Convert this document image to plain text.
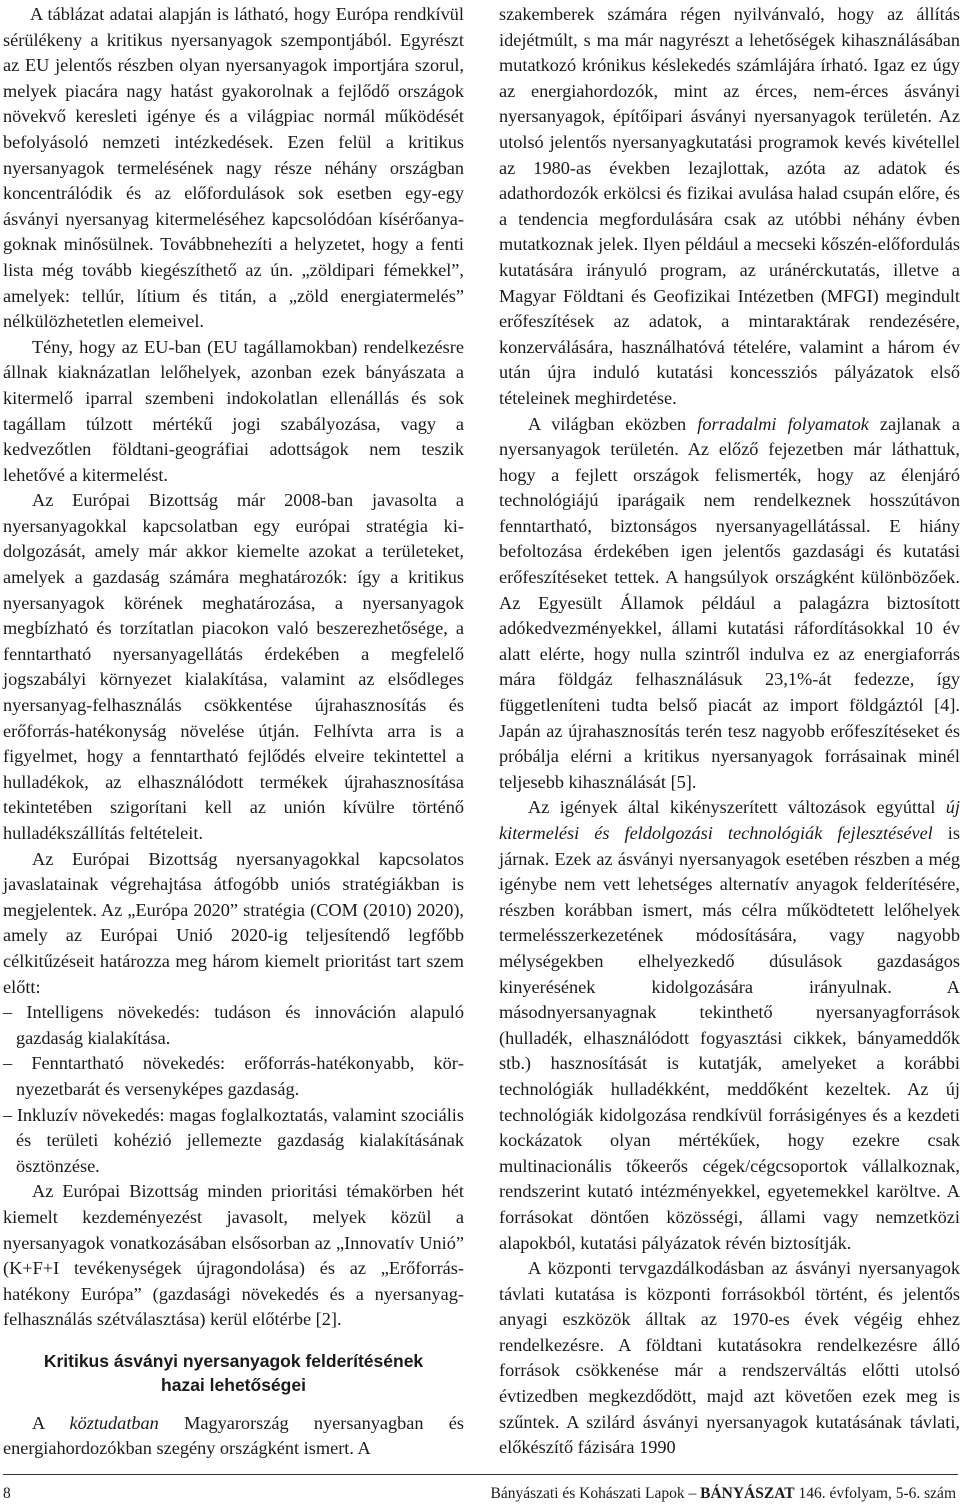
A táblázat adatai alapján is látható, hogy Európa rendkívül sérülékeny a kritikus nyersanyagok szempontjából. Egyrészt az EU jelentős részben olyan nyersanyagok importjára szorul, melyek piacára nagy hatást gyakorolnak a fejlődő országok növekvő keresleti igénye és a világpiac normál működését befolyásoló nemzeti intézkedések. Ezen felül a kritikus nyersanyagok termelésének nagy része néhány országban koncentrálódik és az előfordulások sok esetben egy-egy ásványi nyersanyag kitermeléséhez kapcsolódóan kísérőanyagoknak minősülnek. Továbbnehezíti a helyzetet, hogy a fenti lista még tovább kiegészíthető az ún. „zöldipari fémekkel”, amelyek: tellúr, lítium és titán, a „zöld energiatermelés” nélkülözhetetlen elemeivel.

Tény, hogy az EU-ban (EU tagállamokban) rendelkezésre állnak kiaknázatlan lelőhelyek, azonban ezek bányászata a kitermelő iparral szembeni indokolatlan ellenállás és sok tagállam túlzott mértékű jogi szabályozása, vagy a kedvezőtlen földtani-geográfiai adottságok nem teszik lehetővé a kitermelést.

Az Európai Bizottság már 2008-ban javasolta a nyersanyagokkal kapcsolatban egy európai stratégia kidolgozását, amely már akkor kiemelte azokat a területeket, amelyek a gazdaság számára meghatározók: így a kritikus nyersanyagok körének meghatározása, a nyersanyagok megbízható és torzítatlan piacokon való beszerezhetősége, a fenntartható nyersanyagellátás érdekében a megfelelő jogszabályi környezet kialakítása, valamint az elsődleges nyersanyag-felhasználás csökkentése újrahasznosítás és erőforrás-hatékonyság növelése útján. Felhívta arra is a figyelmet, hogy a fenntartható fejlődés elveire tekintettel a hulladékok, az elhasználódott termékek újrahasznosítása tekintetében szigorítani kell az unión kívülre történő hulladékszállítás feltételeit.

Az Európai Bizottság nyersanyagokkal kapcsolatos javaslatainak végrehajtása átfogóbb uniós stratégiákban is megjelentek. Az „Európa 2020” stratégia (COM (2010) 2020), amely az Európai Unió 2020-ig teljesítendő legfőbb célkitűzéseit határozza meg három kiemelt prioritást tart szem előtt:

– Intelligens növekedés: tudáson és innováción alapuló gazdaság kialakítása.
– Fenntartható növekedés: erőforrás-hatékonyabb, környezetbarát és versenyképes gazdaság.
– Inkluzív növekedés: magas foglalkoztatás, valamint szociális és területi kohézió jellemezte gazdaság kialakításának ösztönzése.

Az Európai Bizottság minden prioritási témakörben hét kiemelt kezdeményezést javasolt, melyek közül a nyersanyagok vonatkozásában elsősorban az „Innovatív Unió” (K+F+I tevékenységek újragondolása) és az „Erőforrás-hatékony Európa” (gazdasági növekedés és a nyersanyag-felhasználás szétválasztása) kerül előtérbe [2].

Kritikus ásványi nyersanyagok felderítésének
hazai lehetőségei

A köztudatban Magyarország nyersanyagban és energiahordozókban szegény országként ismert. A

szakemberek számára régen nyilvánvaló, hogy az állítás idejétmúlt, s ma már nagyrészt a lehetőségek kihasználásában mutatkozó krónikus késlekedés számlájára írható. Igaz ez úgy az energiahordozók, mint az érces, nem-érces ásványi nyersanyagok, építőipari ásványi nyersanyagok területén. Az utolsó jelentős nyersanyagkutatási programok kevés kivétellel az 1980-as években lezajlottak, azóta az adatok és adathordozók erkölcsi és fizikai avulása halad csupán előre, és a tendencia megfordulására csak az utóbbi néhány évben mutatkoznak jelek. Ilyen például a mecseki kőszén-előfordulás kutatására irányuló program, az uránérckutatás, illetve a Magyar Földtani és Geofizikai Intézetben (MFGI) megindult erőfeszítések az adatok, a mintaraktárak rendezésére, konzerválására, használhatóvá tételére, valamint a három év után újra induló kutatási koncessziós pályázatok első tételeinek meghirdetése.

A világban eközben forradalmi folyamatok zajlanak a nyersanyagok területén. Az előző fejezetben már láthattuk, hogy a fejlett országok felismerték, hogy az élenjáró technológiájú iparágaik nem rendelkeznek hosszútávon fenntartható, biztonságos nyersanyagellátással. E hiány befoltozása érdekében igen jelentős gazdasági és kutatási erőfeszítéseket tettek. A hangsúlyok országként különbözőek. Az Egyesült Államok például a palagázra biztosított adókedvezményekkel, állami kutatási ráfordításokkal 10 év alatt elérte, hogy nulla szintről indulva ez az energiaforrás mára földgáz felhasználásuk 23,1%-át fedezze, így függetleníteni tudta belső piacát az import földgáztól [4]. Japán az újrahasznosítás terén tesz nagyobb erőfeszítéseket és próbálja elérni a kritikus nyersanyagok forrásainak minél teljesebb kihasználását [5].

Az igények által kikényszerített változások egyúttal új kitermelési és feldolgozási technológiák fejlesztésével is járnak. Ezek az ásványi nyersanyagok esetében részben a még igénybe nem vett lehetséges alternatív anyagok felderítésére, részben korábban ismert, más célra működtetett lelőhelyek termelésszerkezetének módosítására, vagy nagyobb mélységekben elhelyezkedő dúsulások gazdaságos kinyerésének kidolgozására irányulnak. A másodnyersanyagnak tekinthető nyersanyagforrások (hulladék, elhasználódott fogyasztási cikkek, bányameddők stb.) hasznosítását is kutatják, amelyeket a korábbi technológiák hulladékként, meddőként kezeltek. Az új technológiák kidolgozása rendkívül forrásigényes és a kezdeti kockázatok olyan mértékűek, hogy ezekre csak multinacionális tőkeerős cégek/cégcsoportok vállalkoznak, rendszerint kutató intézményekkel, egyetemekkel karöltve. A forrásokat döntően közösségi, állami vagy nemzetközi alapokból, kutatási pályázatok révén biztosítják.

A központi tervgazdálkodásban az ásványi nyersanyagok távlati kutatása is központi forrásokból történt, és jelentős anyagi eszközök álltak az 1970-es évek végéig ehhez rendelkezésre. A földtani kutatásokra rendelkezésre álló források csökkenése már a rendszerváltás előtti utolsó évtizedben megkezdődött, majd azt követően ezek meg is szűntek. A szilárd ásványi nyersanyagok kutatásának távlati, előkészítő fázisára 1990

8	Bányászati és Kohászati Lapok – BÁNYÁSZAT 146. évfolyam, 5-6. szám
